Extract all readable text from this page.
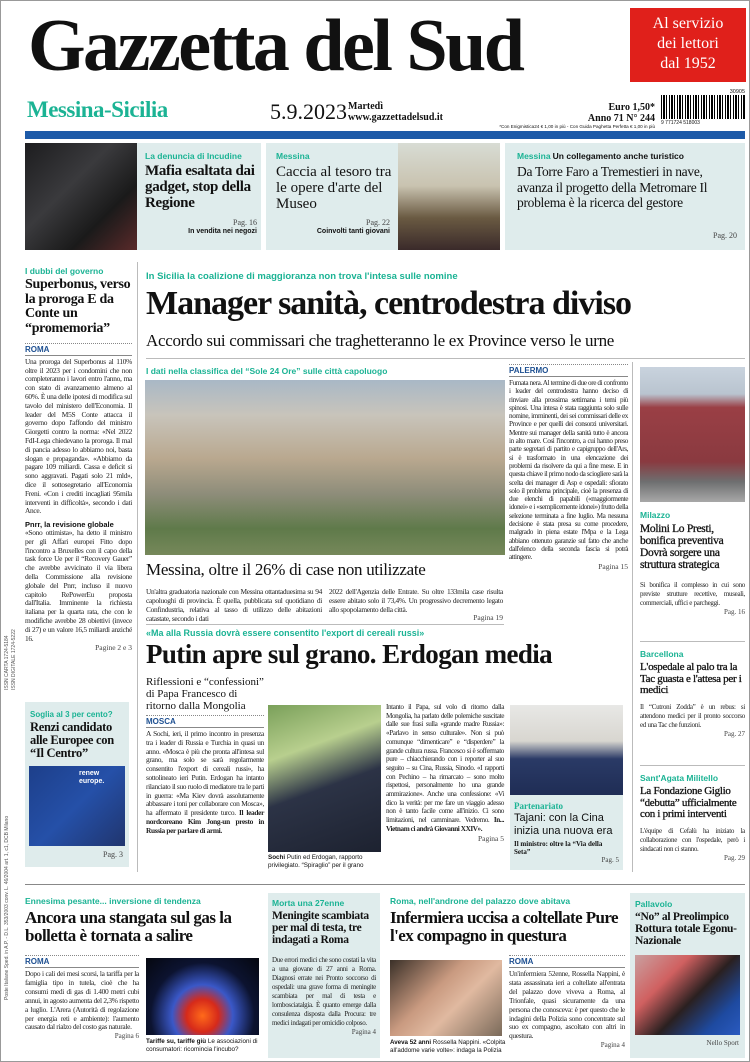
Gazzetta del Sud	Al servizio
dei lettori
dal 1952
Messina-Sicilia	5.9.2023 Martedì
www.gazzettadelsud.it
Euro 1,50*
Anno 71 N° 244
*Con Enigmistica24 € 1,00 in più - Con Guida Paghetta Perfetta € 1,00 in più
30905
9 771724 518003
La denuncia di Incudine
Mafia esaltata dai gadget, stop della Regione
Pag. 16
In vendita nei negozi
Messina
Caccia al tesoro tra le opere d'arte del Museo
Pag. 22
Coinvolti tanti giovani
Messina Un collegamento anche turistico
Da Torre Faro a Tremestieri in nave, avanza il progetto della Metromare Il problema è la ricerca del gestore
Pag. 20
I dubbi del governo
Superbonus, verso la proroga E da Conte un “promemoria”
ROMA
Una proroga del Superbonus al 110% oltre il 2023 per i condomini che non completeranno i lavori entro l'anno, ma con stato di avanzamento almeno al 60%. È una delle ipotesi di modifica sul tavolo del ministero dell'Economia. Il leader del M5S Conte attacca il governo dopo l'affondo del ministro Giorgetti contro la norma: «Nel 2022 FdI-Lega chiedevano la proroga. Il mal di pancia adesso lo abbiamo noi, basta slogan e propaganda». «Abbiamo da pagare 109 miliardi. Cassa e deficit si sono aggravati. Pagati solo 21 mld», dice il sottosegretario all'Economia Freni. «Con i crediti incagliati 95mila interventi in difficoltà», secondo i dati Ance.
Pnrr, la revisione globale
«Sono ottimista», ha detto il ministro per gli Affari europei Fitto dopo l'incontro a Bruxelles con il capo della task force Ue per il “Recovery Gauer” che avrebbe avvicinato il via libera della Commissione alla revisione globale del Pnrr, incluso il nuovo capitolo RePowerEu proposta dall'Italia. Imminente la richiesta italiana per la quarta rata, che con le modifiche avrebbe 28 obiettivi (invece di 27) e un valore 16,5 miliardi anziché 16.
Pagine 2 e 3
In Sicilia la coalizione di maggioranza non trova l'intesa sulle nomine
Manager sanità, centrodestra diviso
Accordo sui commissari che traghetteranno le ex Province verso le urne
I dati nella classifica del “Sole 24 Ore” sulle città capoluogo
Messina, oltre il 26% di case non utilizzate
Un'altra graduatoria nazionale con Messina ottantaduesima su 94 capoluoghi di provincia. È quella, pubblicata sul quotidiano di Confindustria, relativa al tasso di utilizzo delle abitazioni catastate, secondo i dati
2022 dell'Agenzia delle Entrate. Su oltre 133mila case risulta essere abitato solo il 73,4%. Un progressivo decremento legato allo spopolamento della città.
Pagina 19
PALERMO
Fumata nera. Al termine di due ore di confronto i leader del centrodestra hanno deciso di rinviare alla prossima settimana i temi più spinosi. Una intesa è stata raggiunta solo sulle nomine, imminenti, dei sei commissari delle ex Province e per quelli dei consorzi universitari. Mentre sui manager della sanità tutto è ancora in alto mare. Così l'incontro, a cui hanno preso parte segretari di partito e capigruppo dell'Ars, si è trasformato in una elencazione dei problemi da risolvere da qui a fine mese. E in questa chiave il primo nodo da sciogliere sarà la scelta dei manager di Asp e ospedali: sfiorato solo il problema principale, cioè la presenza di due elenchi di papabili («maggiormente idonei» e i «semplicemente idonei») frutto della selezione terminata a fine luglio. Ma nessuna decisione è stata presa su come procedere, malgrado in piena estate l'Mpa e la Lega abbiano ottenuto garanzie sul fatto che anche dall'elenco della seconda fascia si potrà attingere.
Pagina 15
Milazzo
Molini Lo Presti, bonifica preventiva Dovrà sorgere una struttura strategica
Si bonifica il complesso in cui sono previste strutture recettive, museali, commerciali, uffici e parcheggi.
Pag. 16
«Ma alla Russia dovrà essere consentito l'export di cereali russi»
Putin apre sul grano. Erdogan media
Riflessioni e “confessioni” di Papa Francesco di ritorno dalla Mongolia
MOSCA
A Sochi, ieri, il primo incontro in presenza tra i leader di Russia e Turchia in quasi un anno. «Mosca è più che pronta all'intesa sul grano, ma solo se sarà regolarmente consentito l'export di cereali russi», ha sottolineato ieri Putin. Erdogan ha intanto rilanciato il suo ruolo di mediatore tra le parti in guerra: «Ma Kiev dovrà assolutamente abbassare i toni per collaborare con Mosca», ha affermato il presidente turco. Il leader nordcoreano Kim Jong-un presto in Russia per parlare di armi.
Sochi Putin ed Erdogan, rapporto privilegiato. “Spiraglio” per il grano
Intanto il Papa, sul volo di ritorno dalla Mongolia, ha parlato delle polemiche suscitate dalle sue frasi sulla «grande madre Russia»: «Parlavo in senso culturale». Non si può comunque “dimenticare” e “disperdere” la grande cultura russa. Francesco si è soffermato pure – chiacchierando con i reporter al suo seguito – su Cina, Russia, Sinodo. «I rapporti con Pechino – ha rimarcato – sono molto rispettosi, personalmente ho una grande ammirazione». Anche una confessione: «Vi dico la verità: per me fare un viaggio adesso non è tanto facile come all'inizio. Ci sono limitazioni, nel camminare. Vedremo. In... Vietnam ci andrà Giovanni XXIV».
Pagina 5
Partenariato
Tajani: con la Cina inizia una nuova era
Il ministro: oltre la “Via della Seta”
Pag. 5
Barcellona
L'ospedale al palo tra la Tac guasta e l'attesa per i medici
Il “Cutroni Zodda” è un rebus: si attendono medici per il pronto soccorso ed una Tac che funzioni.
Pag. 27
Sant'Agata Militello
La Fondazione Giglio “debutta” ufficialmente con i primi interventi
L'équipe di Cefalù ha iniziato la collaborazione con l'ospedale, però i sindacati non ci stanno.
Pag. 29
Soglia al 3 per cento?
Renzi candidato alle Europee con “Il Centro”
renew europe.
Pag. 3
Ennesima pesante... inversione di tendenza
Ancora una stangata sul gas la bolletta è tornata a salire
ROMA
Dopo i cali dei mesi scorsi, la tariffa per la famiglia tipo in tutela, cioè che ha consumi medi di gas di 1.400 metri cubi annui, in agosto aumenta del 2,3% rispetto a luglio. L'Arera (Autorità di regolazione per energia reti e ambiente): l'aumento causato dal rialzo del costo gas naturale.
Pagina 6
Tariffe su, tariffe giù Le associazioni di consumatori: ricomincia l'incubo?
Morta una 27enne
Meningite scambiata per mal di testa, tre indagati a Roma
Due errori medici che sono costati la vita a una giovane di 27 anni a Roma. Diagnosi errate nei Pronto soccorso di ospedali: una grave forma di meningite scambiata per mal di testa e lombosciatalgia. È quanto emerge dalla consulenza disposta dalla Procura: tre medici indagati per omicidio colposo.
Pagina 4
Roma, nell'androne del palazzo dove abitava
Infermiera uccisa a coltellate Pure l'ex compagno in questura
Aveva 52 anni Rossella Nappini. «Colpita all'addome varie volte»: indaga la Polizia
ROMA
Un'infermiera 52enne, Rossella Nappini, è stata assassinata ieri a coltellate all'entrata del palazzo dove viveva a Roma, al Trionfale, quasi sicuramente da una persona che conosceva: è per questo che le indagini della Polizia sono concentrate sul suo ex compagno, ascoltato con altri in questura.
Pagina 4
Pallavolo
“No” al Preolimpico Rottura totale Egonu-Nazionale
Nello Sport
Poste Italiane Sped. in A.P. - D.L. 353/2003 conv. L. 46/2004 art. 1, c1, DCB Milano
ISSN CARTA 1724-5184 ISSN DIGITALE 1724-5222
